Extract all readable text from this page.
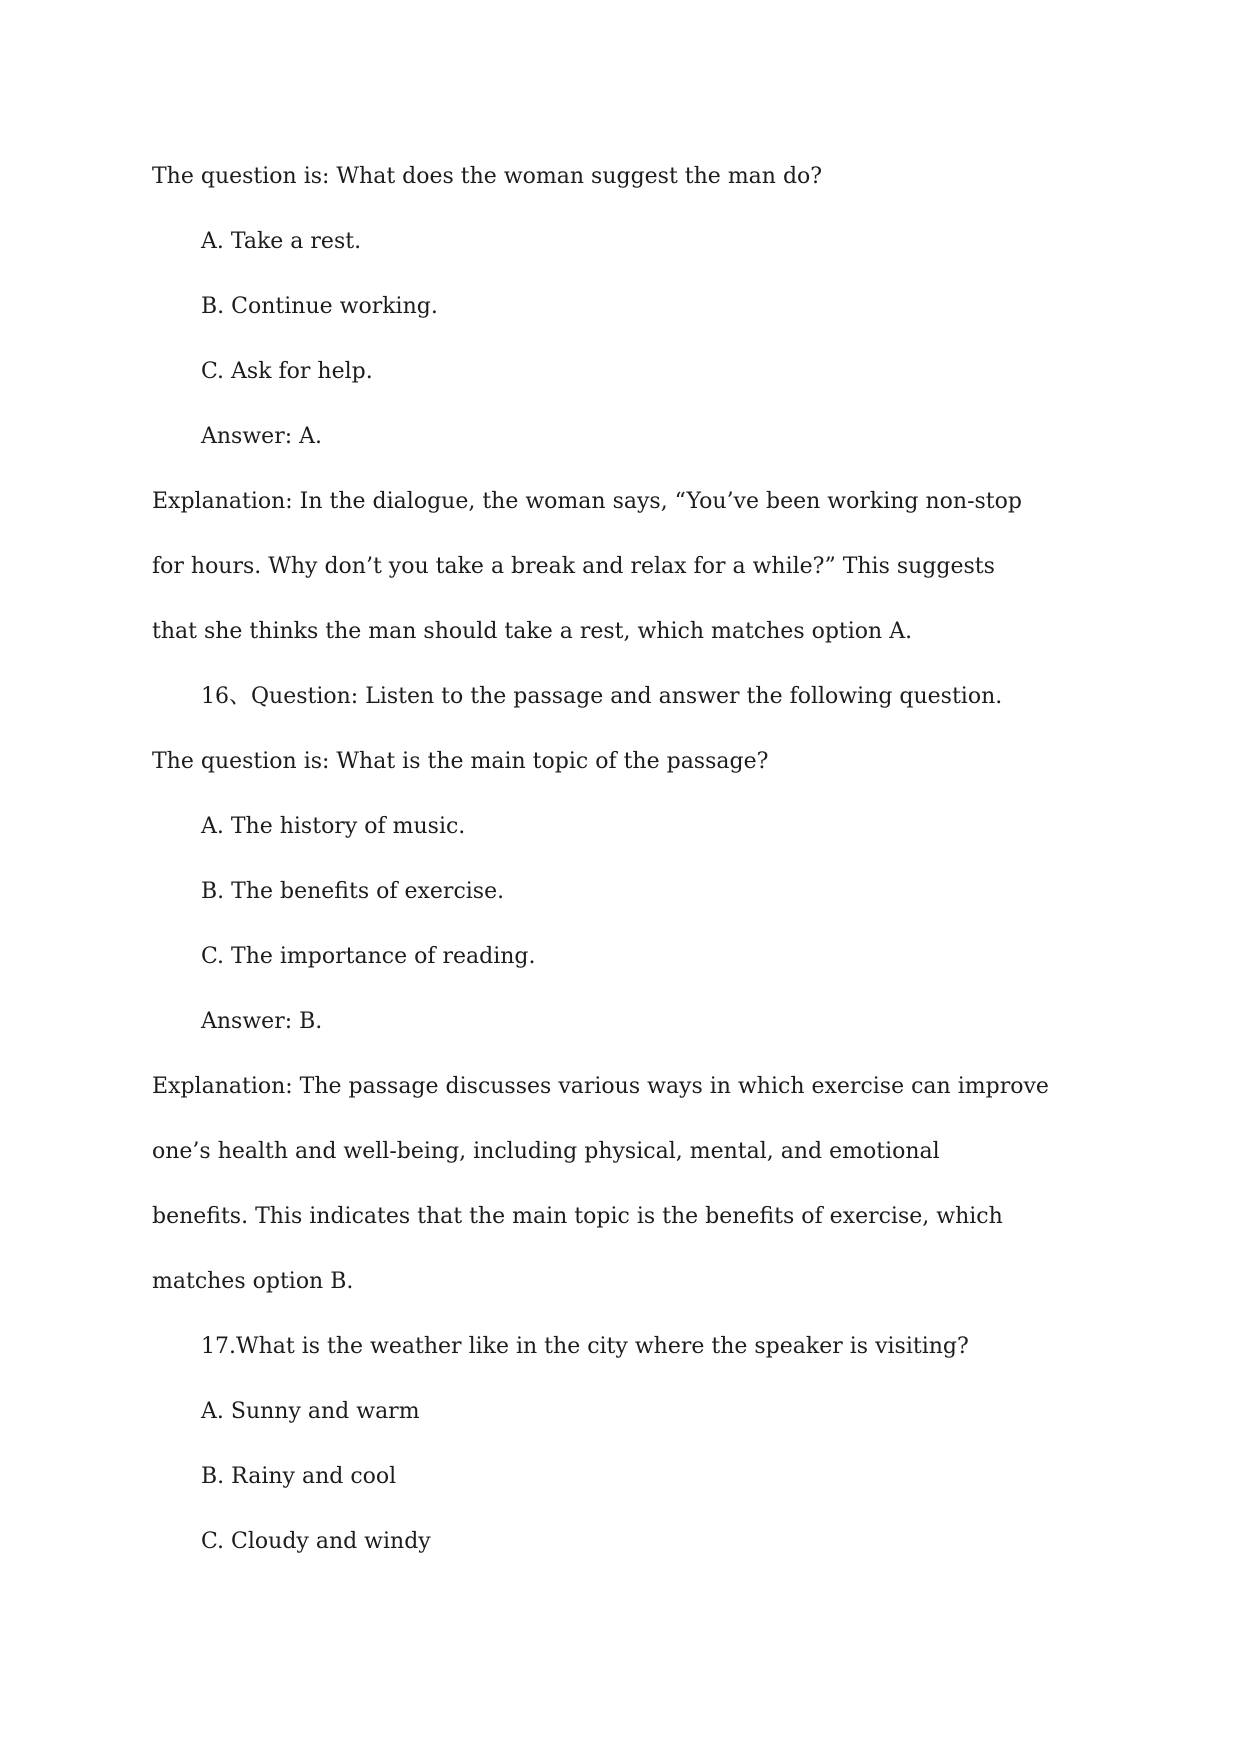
The question is: What does the woman suggest the man do?
A. Take a rest.
B. Continue working.
C. Ask for help.
Answer: A.
Explanation: In the dialogue, the woman says, “You’ve been working non-stop
for hours. Why don’t you take a break and relax for a while?” This suggests
that she thinks the man should take a rest, which matches option A.
16、Question: Listen to the passage and answer the following question.
The question is: What is the main topic of the passage?
A. The history of music.
B. The benefits of exercise.
C. The importance of reading.
Answer: B.
Explanation: The passage discusses various ways in which exercise can improve
one’s health and well-being, including physical, mental, and emotional
benefits. This indicates that the main topic is the benefits of exercise, which
matches option B.
17.What is the weather like in the city where the speaker is visiting?
A. Sunny and warm
B. Rainy and cool
C. Cloudy and windy
